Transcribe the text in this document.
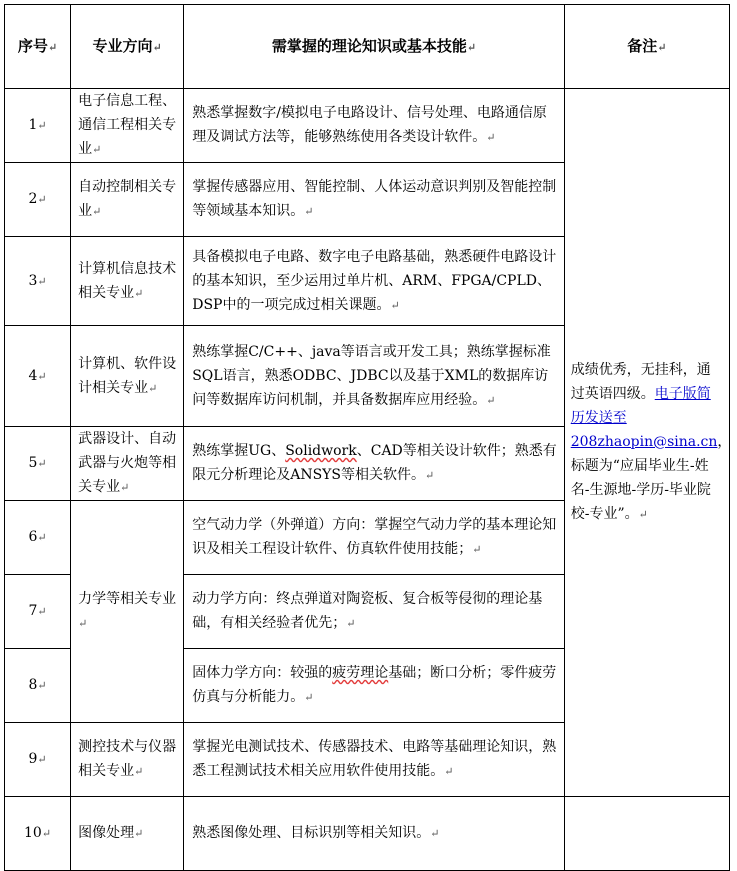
序号↵	专业方向↵	需掌握的理论知识或基本技能↵	备注↵
1↵	电子信息工程、通信工程相关专业↵	熟悉掌握数字/模拟电子电路设计、信号处理、电路通信原理及调试方法等，能够熟练使用各类设计软件。↵	成绩优秀，无挂科，通过英语四级。电子版简历发送至208zhaopin@sina.cn，标题为“应届毕业生-姓名-生源地-学历-毕业院校-专业”。↵
2↵	自动控制相关专业↵	掌握传感器应用、智能控制、人体运动意识判别及智能控制等领域基本知识。↵	
3↵	计算机信息技术相关专业↵	具备模拟电子电路、数字电子电路基础，熟悉硬件电路设计的基本知识，至少运用过单片机、ARM、FPGA/CPLD、DSP中的一项完成过相关课题。↵	
4↵	计算机、软件设计相关专业↵	熟练掌握C/C++、java等语言或开发工具；熟练掌握标准SQL语言，熟悉ODBC、JDBC以及基于XML的数据库访问等数据库访问机制，并具备数据库应用经验。↵	
5↵	武器设计、自动武器与火炮等相关专业↵	熟练掌握UG、Solidwork、CAD等相关设计软件；熟悉有限元分析理论及ANSYS等相关软件。↵	
6↵	力学等相关专业↵	空气动力学（外弹道）方向：掌握空气动力学的基本理论知识及相关工程设计软件、仿真软件使用技能；↵	
7↵		动力学方向：终点弹道对陶瓷板、复合板等侵彻的理论基础，有相关经验者优先；↵	
8↵		固体力学方向：较强的疲劳理论基础；断口分析；零件疲劳仿真与分析能力。↵	
9↵	测控技术与仪器相关专业↵	掌握光电测试技术、传感器技术、电路等基础理论知识，熟悉工程测试技术相关应用软件使用技能。↵	
10↵	图像处理↵	熟悉图像处理、目标识别等相关知识。↵	
